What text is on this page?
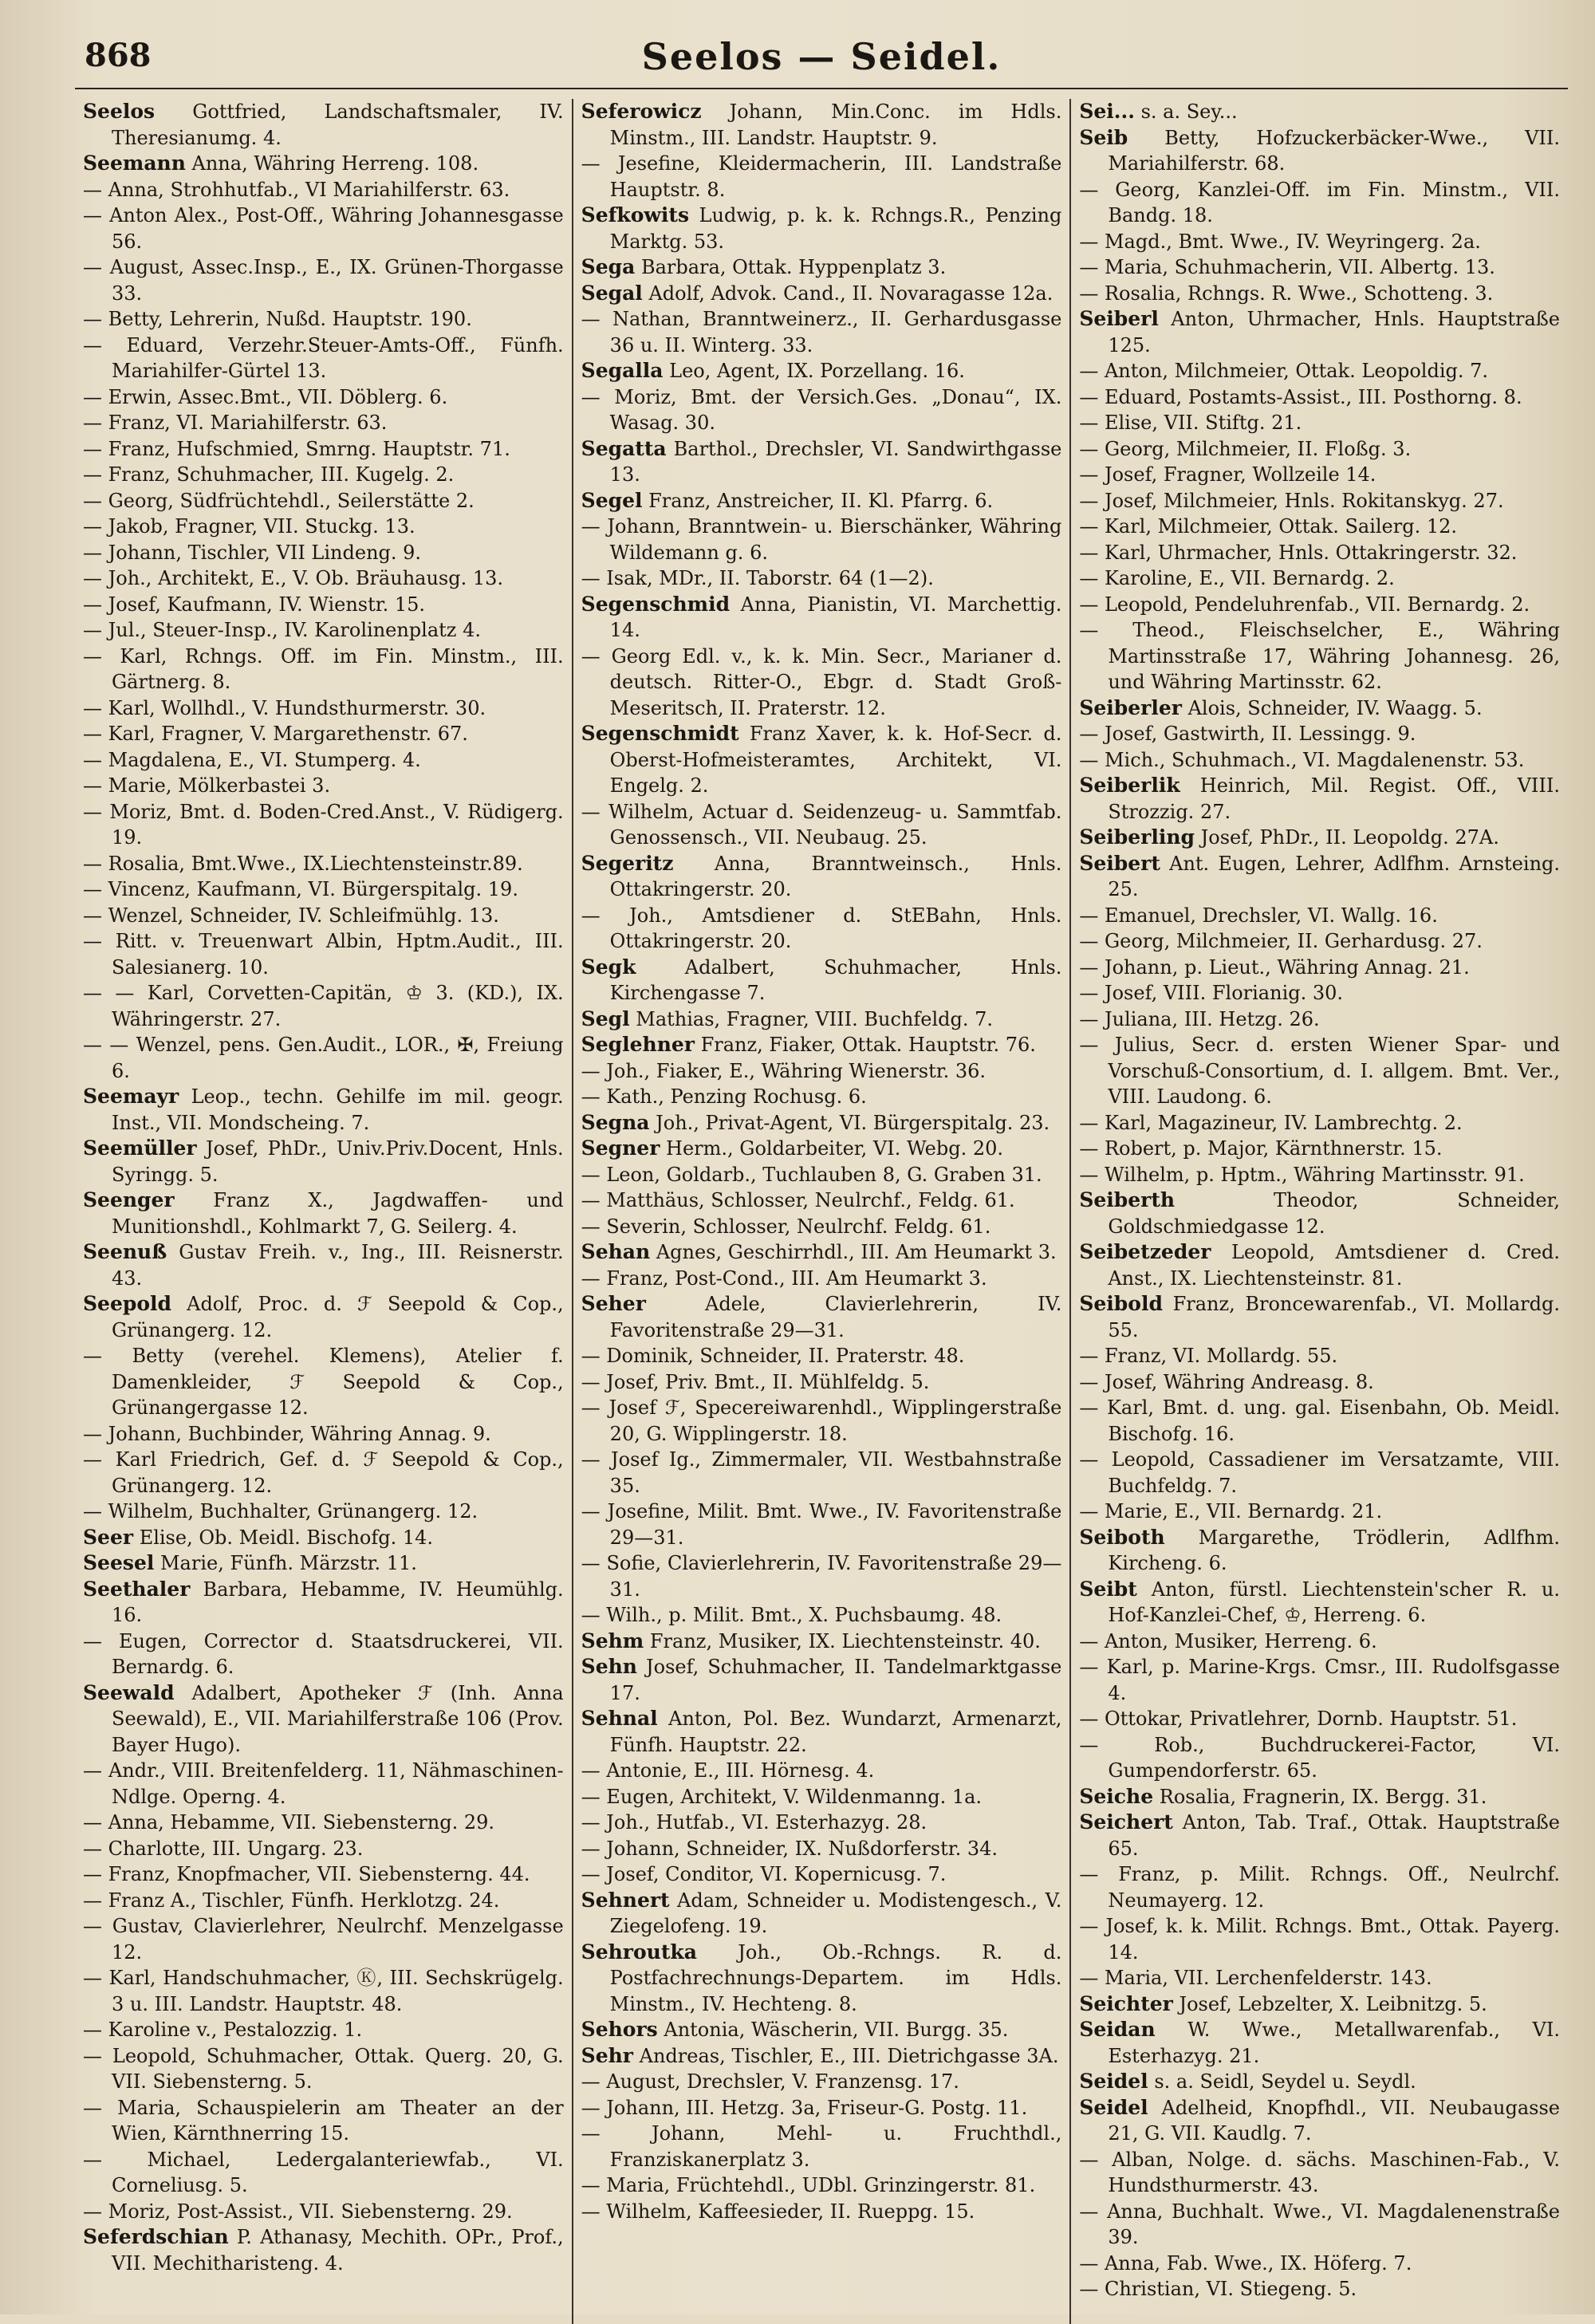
868	Seelos — Seidel.
Seelos Gottfried, Landschaftsmaler, IV. Theresianumg. 4.
Seemann Anna, Währing Herreng. 108.
— Anna, Strohhutfab., VI Mariahilferstr. 63.
— Anton Alex., Post-Off., Währing Johannesgasse 56.
— August, Assec.Insp., E., IX. Grünen-Thorgasse 33.
— Betty, Lehrerin, Nußd. Hauptstr. 190.
— Eduard, Verzehr.Steuer-Amts-Off., Fünfh. Mariahilfer-Gürtel 13.
— Erwin, Assec.Bmt., VII. Döblerg. 6.
— Franz, VI. Mariahilferstr. 63.
— Franz, Hufschmied, Smrng. Hauptstr. 71.
— Franz, Schuhmacher, III. Kugelg. 2.
— Georg, Südfrüchtehdl., Seilerstätte 2.
— Jakob, Fragner, VII. Stuckg. 13.
— Johann, Tischler, VII Lindeng. 9.
— Joh., Architekt, E., V. Ob. Bräuhausg. 13.
— Josef, Kaufmann, IV. Wienstr. 15.
— Jul., Steuer-Insp., IV. Karolinenplatz 4.
— Karl, Rchngs. Off. im Fin. Minstm., III. Gärtnerg. 8.
— Karl, Wollhdl., V. Hundsthurmerstr. 30.
— Karl, Fragner, V. Margarethenstr. 67.
— Magdalena, E., VI. Stumperg. 4.
— Marie, Mölkerbastei 3.
— Moriz, Bmt. d. Boden-Cred.Anst., V. Rüdigerg. 19.
— Rosalia, Bmt.Wwe., IX.Liechtensteinstr.89.
— Vincenz, Kaufmann, VI. Bürgerspitalg. 19.
— Wenzel, Schneider, IV. Schleifmühlg. 13.
— Ritt. v. Treuenwart Albin, Hptm.Audit., III. Salesianerg. 10.
— — Karl, Corvetten-Capitän, ♔ 3. (KD.), IX. Währingerstr. 27.
— — Wenzel, pens. Gen.Audit., LOR., ✠, Freiung 6.
Seemayr Leop., techn. Gehilfe im mil. geogr. Inst., VII. Mondscheing. 7.
Seemüller Josef, PhDr., Univ.Priv.Docent, Hnls. Syringg. 5.
Seenger Franz X., Jagdwaffen- und Munitionshdl., Kohlmarkt 7, G. Seilerg. 4.
Seenuß Gustav Freih. v., Ing., III. Reisnerstr. 43.
Seepold Adolf, Proc. d. ℱ Seepold & Cop., Grünangerg. 12.
— Betty (verehel. Klemens), Atelier f. Damenkleider, ℱ Seepold & Cop., Grünangergasse 12.
— Johann, Buchbinder, Währing Annag. 9.
— Karl Friedrich, Gef. d. ℱ Seepold & Cop., Grünangerg. 12.
— Wilhelm, Buchhalter, Grünangerg. 12.
Seer Elise, Ob. Meidl. Bischofg. 14.
Seesel Marie, Fünfh. Märzstr. 11.
Seethaler Barbara, Hebamme, IV. Heumühlg. 16.
— Eugen, Corrector d. Staatsdruckerei, VII. Bernardg. 6.
Seewald Adalbert, Apotheker ℱ (Inh. Anna Seewald), E., VII. Mariahilferstraße 106 (Prov. Bayer Hugo).
— Andr., VIII. Breitenfelderg. 11, Nähmaschinen-Ndlge. Operng. 4.
— Anna, Hebamme, VII. Siebensterng. 29.
— Charlotte, III. Ungarg. 23.
— Franz, Knopfmacher, VII. Siebensterng. 44.
— Franz A., Tischler, Fünfh. Herklotzg. 24.
— Gustav, Clavierlehrer, Neulrchf. Menzelgasse 12.
— Karl, Handschuhmacher, Ⓚ, III. Sechskrügelg. 3 u. III. Landstr. Hauptstr. 48.
— Karoline v., Pestalozzig. 1.
— Leopold, Schuhmacher, Ottak. Querg. 20, G. VII. Siebensterng. 5.
— Maria, Schauspielerin am Theater an der Wien, Kärnthnerring 15.
— Michael, Ledergalanteriewfab., VI. Corneliusg. 5.
— Moriz, Post-Assist., VII. Siebensterng. 29.
Seferdschian P. Athanasy, Mechith. OPr., Prof., VII. Mechitharisteng. 4.
Seferowicz Johann, Min.Conc. im Hdls. Minstm., III. Landstr. Hauptstr. 9.
— Jesefine, Kleidermacherin, III. Landstraße Hauptstr. 8.
Sefkowits Ludwig, p. k. k. Rchngs.R., Penzing Marktg. 53.
Sega Barbara, Ottak. Hyppenplatz 3.
Segal Adolf, Advok. Cand., II. Novaragasse 12a.
— Nathan, Branntweinerz., II. Gerhardusgasse 36 u. II. Winterg. 33.
Segalla Leo, Agent, IX. Porzellang. 16.
— Moriz, Bmt. der Versich.Ges. „Donau“, IX. Wasag. 30.
Segatta Barthol., Drechsler, VI. Sandwirthgasse 13.
Segel Franz, Anstreicher, II. Kl. Pfarrg. 6.
— Johann, Branntwein- u. Bierschänker, Währing Wildemann g. 6.
— Isak, MDr., II. Taborstr. 64 (1—2).
Segenschmid Anna, Pianistin, VI. Marchettig. 14.
— Georg Edl. v., k. k. Min. Secr., Marianer d. deutsch. Ritter-O., Ebgr. d. Stadt Groß-Meseritsch, II. Praterstr. 12.
Segenschmidt Franz Xaver, k. k. Hof-Secr. d. Oberst-Hofmeisteramtes, Architekt, VI. Engelg. 2.
— Wilhelm, Actuar d. Seidenzeug- u. Sammtfab. Genossensch., VII. Neubaug. 25.
Segeritz Anna, Branntweinsch., Hnls. Ottakringerstr. 20.
— Joh., Amtsdiener d. StEBahn, Hnls. Ottakringerstr. 20.
Segk	Adalbert, Schuhmacher, Hnls. Kirchengasse 7.
Segl Mathias, Fragner, VIII. Buchfeldg. 7.
Seglehner Franz, Fiaker, Ottak. Hauptstr. 76.
— Joh., Fiaker, E., Währing Wienerstr. 36.
— Kath., Penzing Rochusg. 6.
Segna Joh., Privat-Agent, VI. Bürgerspitalg. 23.
Segner Herm., Goldarbeiter, VI. Webg. 20.
— Leon, Goldarb., Tuchlauben 8, G. Graben 31.
— Matthäus, Schlosser, Neulrchf., Feldg. 61.
— Severin, Schlosser, Neulrchf. Feldg. 61.
Sehan Agnes, Geschirrhdl., III. Am Heumarkt 3.
— Franz, Post-Cond., III. Am Heumarkt 3.
Seher	Adele, Clavierlehrerin, IV. Favoritenstraße 29—31.
— Dominik, Schneider, II. Praterstr. 48.
— Josef, Priv. Bmt., II. Mühlfeldg. 5.
— Josef ℱ, Specereiwarenhdl., Wipplingerstraße 20, G. Wipplingerstr. 18.
— Josef Ig., Zimmermaler, VII. Westbahnstraße 35.
— Josefine, Milit. Bmt. Wwe., IV. Favoritenstraße 29—31.
— Sofie, Clavierlehrerin, IV. Favoritenstraße 29—31.
— Wilh., p. Milit. Bmt., X. Puchsbaumg. 48.
Sehm Franz, Musiker, IX. Liechtensteinstr. 40.
Sehn Josef, Schuhmacher, II. Tandelmarktgasse 17.
Sehnal Anton, Pol. Bez. Wundarzt, Armenarzt, Fünfh. Hauptstr. 22.
— Antonie, E., III. Hörnesg. 4.
— Eugen, Architekt, V. Wildenmanng. 1a.
— Joh., Hutfab., VI. Esterhazyg. 28.
— Johann, Schneider, IX. Nußdorferstr. 34.
— Josef, Conditor, VI. Kopernicusg. 7.
Sehnert Adam, Schneider u. Modistengesch., V. Ziegelofeng. 19.
Sehroutka Joh., Ob.-Rchngs. R. d. Postfachrechnungs-Departem. im Hdls. Minstm., IV. Hechteng. 8.
Sehors Antonia, Wäscherin, VII. Burgg. 35.
Sehr Andreas, Tischler, E., III. Dietrichgasse 3A.
— August, Drechsler, V. Franzensg. 17.
— Johann, III. Hetzg. 3a, Friseur-G. Postg. 11.
— Johann, Mehl- u. Fruchthdl., Franziskanerplatz 3.
— Maria, Früchtehdl., UDbl. Grinzingerstr. 81.
— Wilhelm, Kaffeesieder, II. Rueppg. 15.
Sei... s. a. Sey...
Seib Betty, Hofzuckerbäcker-Wwe., VII. Mariahilferstr. 68.
— Georg, Kanzlei-Off. im Fin. Minstm., VII. Bandg. 18.
— Magd., Bmt. Wwe., IV. Weyringerg. 2a.
— Maria, Schuhmacherin, VII. Albertg. 13.
— Rosalia, Rchngs. R. Wwe., Schotteng. 3.
Seiberl Anton, Uhrmacher, Hnls. Hauptstraße 125.
— Anton, Milchmeier, Ottak. Leopoldig. 7.
— Eduard, Postamts-Assist., III. Posthorng. 8.
— Elise, VII. Stiftg. 21.
— Georg, Milchmeier, II. Floßg. 3.
— Josef, Fragner, Wollzeile 14.
— Josef, Milchmeier, Hnls. Rokitanskyg. 27.
— Karl, Milchmeier, Ottak. Sailerg. 12.
— Karl, Uhrmacher, Hnls. Ottakringerstr. 32.
— Karoline, E., VII. Bernardg. 2.
— Leopold, Pendeluhrenfab., VII. Bernardg. 2.
— Theod., Fleischselcher, E., Währing Martinsstraße 17, Währing Johannesg. 26, und Währing Martinsstr. 62.
Seiberler Alois, Schneider, IV. Waagg. 5.
— Josef, Gastwirth, II. Lessingg. 9.
— Mich., Schuhmach., VI. Magdalenenstr. 53.
Seiberlik Heinrich, Mil. Regist. Off., VIII. Strozzig. 27.
Seiberling Josef, PhDr., II. Leopoldg. 27A.
Seibert Ant. Eugen, Lehrer, Adlfhm. Arnsteing. 25.
— Emanuel, Drechsler, VI. Wallg. 16.
— Georg, Milchmeier, II. Gerhardusg. 27.
— Johann, p. Lieut., Währing Annag. 21.
— Josef, VIII. Florianig. 30.
— Juliana, III. Hetzg. 26.
— Julius, Secr. d. ersten Wiener Spar- und Vorschuß-Consortium, d. I. allgem. Bmt. Ver., VIII. Laudong. 6.
— Karl, Magazineur, IV. Lambrechtg. 2.
— Robert, p. Major, Kärnthnerstr. 15.
— Wilhelm, p. Hptm., Währing Martinsstr. 91.
Seiberth	Theodor, Schneider, Goldschmiedgasse 12.
Seibetzeder Leopold, Amtsdiener d. Cred. Anst., IX. Liechtensteinstr. 81.
Seibold Franz, Broncewarenfab., VI. Mollardg. 55.
— Franz, VI. Mollardg. 55.
— Josef, Währing Andreasg. 8.
— Karl, Bmt. d. ung. gal. Eisenbahn, Ob. Meidl. Bischofg. 16.
— Leopold, Cassadiener im Versatzamte, VIII. Buchfeldg. 7.
— Marie, E., VII. Bernardg. 21.
Seiboth Margarethe, Trödlerin, Adlfhm. Kircheng. 6.
Seibt Anton, fürstl. Liechtenstein'scher R. u. Hof-Kanzlei-Chef, ♔, Herreng. 6.
— Anton, Musiker, Herreng. 6.
— Karl, p. Marine-Krgs. Cmsr., III. Rudolfsgasse 4.
— Ottokar, Privatlehrer, Dornb. Hauptstr. 51.
— Rob., Buchdruckerei-Factor, VI. Gumpendorferstr. 65.
Seiche Rosalia, Fragnerin, IX. Bergg. 31.
Seichert Anton, Tab. Traf., Ottak. Hauptstraße 65.
— Franz, p. Milit. Rchngs. Off., Neulrchf. Neumayerg. 12.
— Josef, k. k. Milit. Rchngs. Bmt., Ottak. Payerg. 14.
— Maria, VII. Lerchenfelderstr. 143.
Seichter Josef, Lebzelter, X. Leibnitzg. 5.
Seidan W. Wwe., Metallwarenfab., VI. Esterhazyg. 21.
Seidel s. a. Seidl, Seydel u. Seydl.
Seidel Adelheid, Knopfhdl., VII. Neubaugasse 21, G. VII. Kaudlg. 7.
— Alban, Nolge. d. sächs. Maschinen-Fab., V. Hundsthurmerstr. 43.
— Anna, Buchhalt. Wwe., VI. Magdalenenstraße 39.
— Anna, Fab. Wwe., IX. Höferg. 7.
— Christian, VI. Stiegeng. 5.
